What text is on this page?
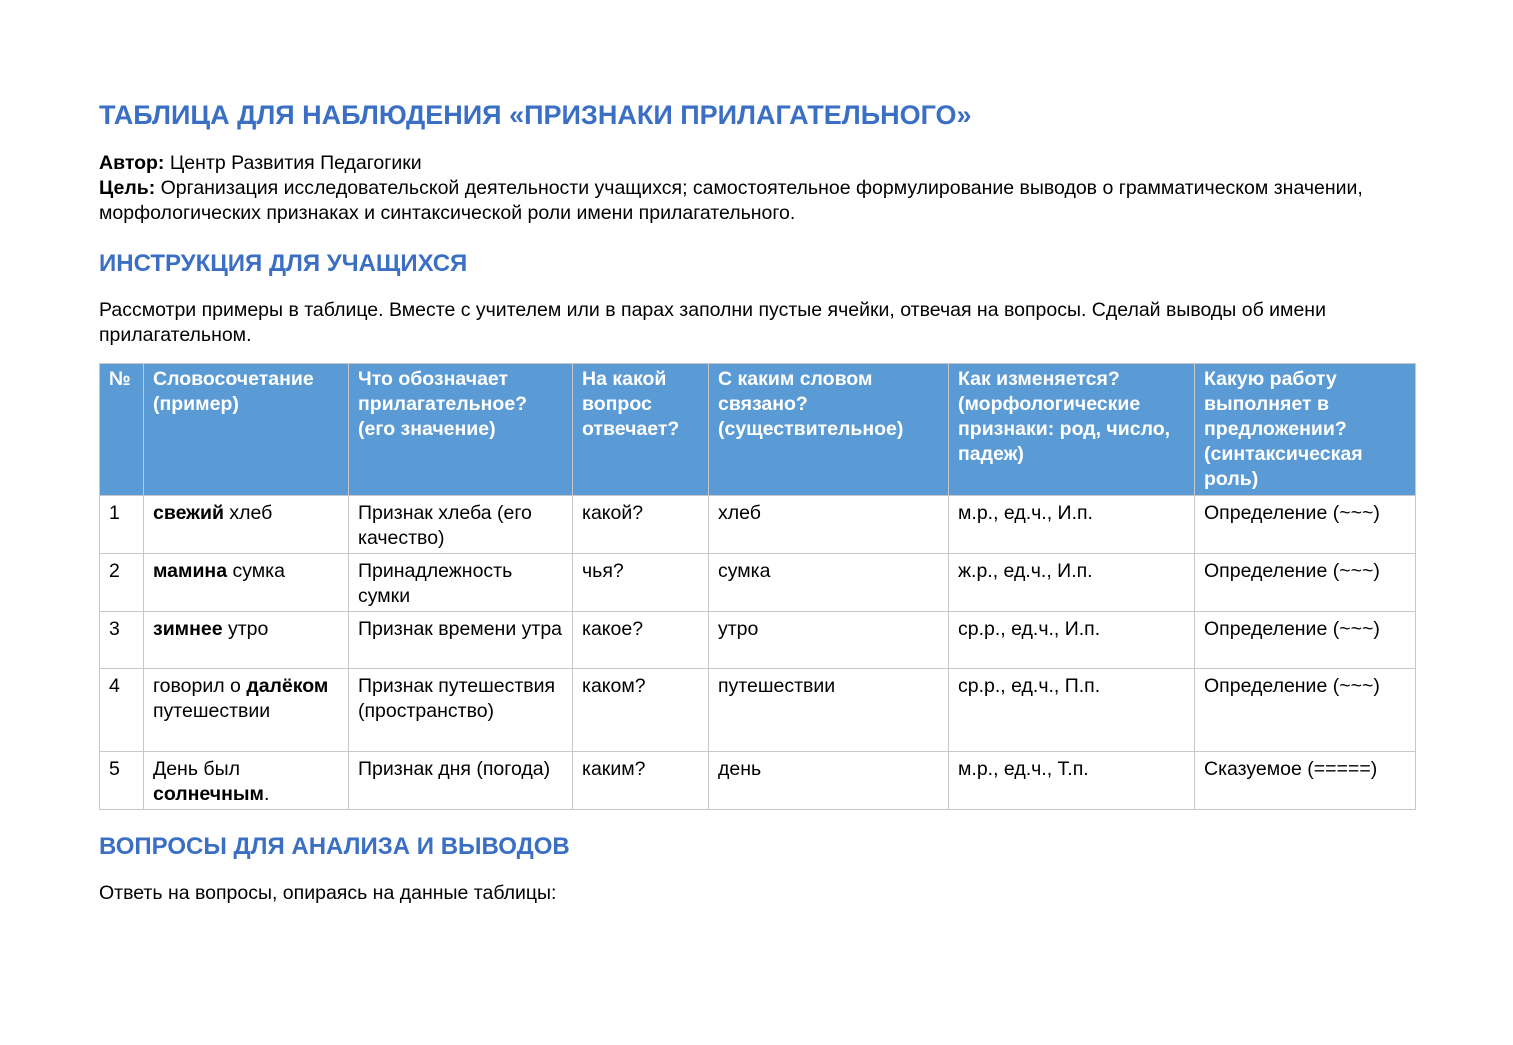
ТАБЛИЦА ДЛЯ НАБЛЮДЕНИЯ «ПРИЗНАКИ ПРИЛАГАТЕЛЬНОГО»
Автор: Центр Развития Педагогики
Цель: Организация исследовательской деятельности учащихся; самостоятельное формулирование выводов о грамматическом значении, морфологических признаках и синтаксической роли имени прилагательного.
ИНСТРУКЦИЯ ДЛЯ УЧАЩИХСЯ
Рассмотри примеры в таблице. Вместе с учителем или в парах заполни пустые ячейки, отвечая на вопросы. Сделай выводы об имени прилагательном.
№	Словосочетание (пример)	Что обозначает прилагательное? (его значение)	На какой вопрос отвечает?	С каким словом связано? (существительное)	Как изменяется? (морфологические признаки: род, число, падеж)	Какую работу выполняет в предложении? (синтаксическая роль)
1	свежий хлеб	Признак хлеба (его качество)	какой?	хлеб	м.р., ед.ч., И.п.	Определение (~~~)
2	мамина сумка	Принадлежность сумки	чья?	сумка	ж.р., ед.ч., И.п.	Определение (~~~)
3	зимнее утро	Признак времени утра	какое?	утро	ср.р., ед.ч., И.п.	Определение (~~~)
4	говорил о далёком путешествии	Признак путешествия (пространство)	каком?	путешествии	ср.р., ед.ч., П.п.	Определение (~~~)
5	День был солнечным.	Признак дня (погода)	каким?	день	м.р., ед.ч., Т.п.	Сказуемое (=====)
ВОПРОСЫ ДЛЯ АНАЛИЗА И ВЫВОДОВ
Ответь на вопросы, опираясь на данные таблицы:
